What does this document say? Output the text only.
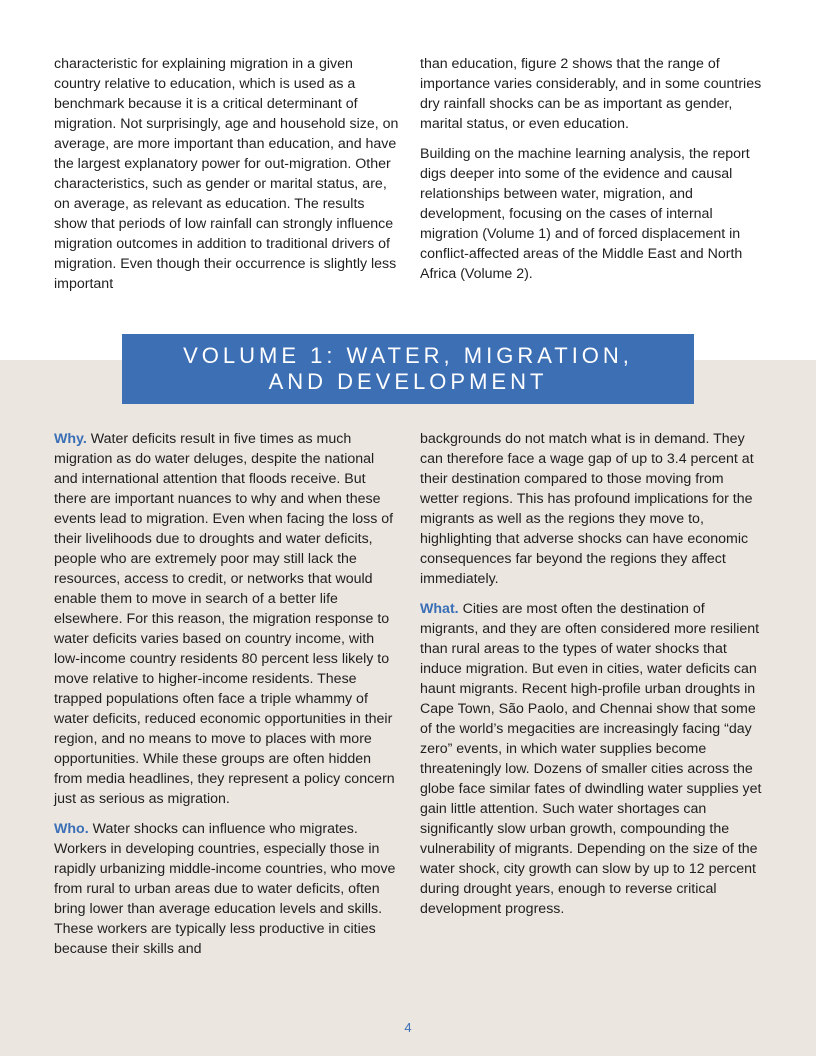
characteristic for explaining migration in a given country relative to education, which is used as a benchmark because it is a critical determinant of migration. Not surprisingly, age and household size, on average, are more important than education, and have the largest explanatory power for out-migration. Other characteristics, such as gender or marital status, are, on average, as relevant as education. The results show that periods of low rainfall can strongly influence migration outcomes in addition to traditional drivers of migration. Even though their occurrence is slightly less important

than education, figure 2 shows that the range of importance varies considerably, and in some countries dry rainfall shocks can be as important as gender, marital status, or even education.

Building on the machine learning analysis, the report digs deeper into some of the evidence and causal relationships between water, migration, and development, focusing on the cases of internal migration (Volume 1) and of forced displacement in conflict-affected areas of the Middle East and North Africa (Volume 2).

VOLUME 1: WATER, MIGRATION,
AND DEVELOPMENT

Why. Water deficits result in five times as much migration as do water deluges, despite the national and international attention that floods receive. But there are important nuances to why and when these events lead to migration. Even when facing the loss of their livelihoods due to droughts and water deficits, people who are extremely poor may still lack the resources, access to credit, or networks that would enable them to move in search of a better life elsewhere. For this reason, the migration response to water deficits varies based on country income, with low-income country residents 80 percent less likely to move relative to higher-income residents. These trapped populations often face a triple whammy of water deficits, reduced economic opportunities in their region, and no means to move to places with more opportunities. While these groups are often hidden from media headlines, they represent a policy concern just as serious as migration.

Who. Water shocks can influence who migrates. Workers in developing countries, especially those in rapidly urbanizing middle-income countries, who move from rural to urban areas due to water deficits, often bring lower than average education levels and skills. These workers are typically less productive in cities because their skills and

backgrounds do not match what is in demand. They can therefore face a wage gap of up to 3.4 percent at their destination compared to those moving from wetter regions. This has profound implications for the migrants as well as the regions they move to, highlighting that adverse shocks can have economic consequences far beyond the regions they affect immediately.

What. Cities are most often the destination of migrants, and they are often considered more resilient than rural areas to the types of water shocks that induce migration. But even in cities, water deficits can haunt migrants. Recent high-profile urban droughts in Cape Town, São Paolo, and Chennai show that some of the world’s megacities are increasingly facing “day zero” events, in which water supplies become threateningly low. Dozens of smaller cities across the globe face similar fates of dwindling water supplies yet gain little attention. Such water shortages can significantly slow urban growth, compounding the vulnerability of migrants. Depending on the size of the water shock, city growth can slow by up to 12 percent during drought years, enough to reverse critical development progress.

4
